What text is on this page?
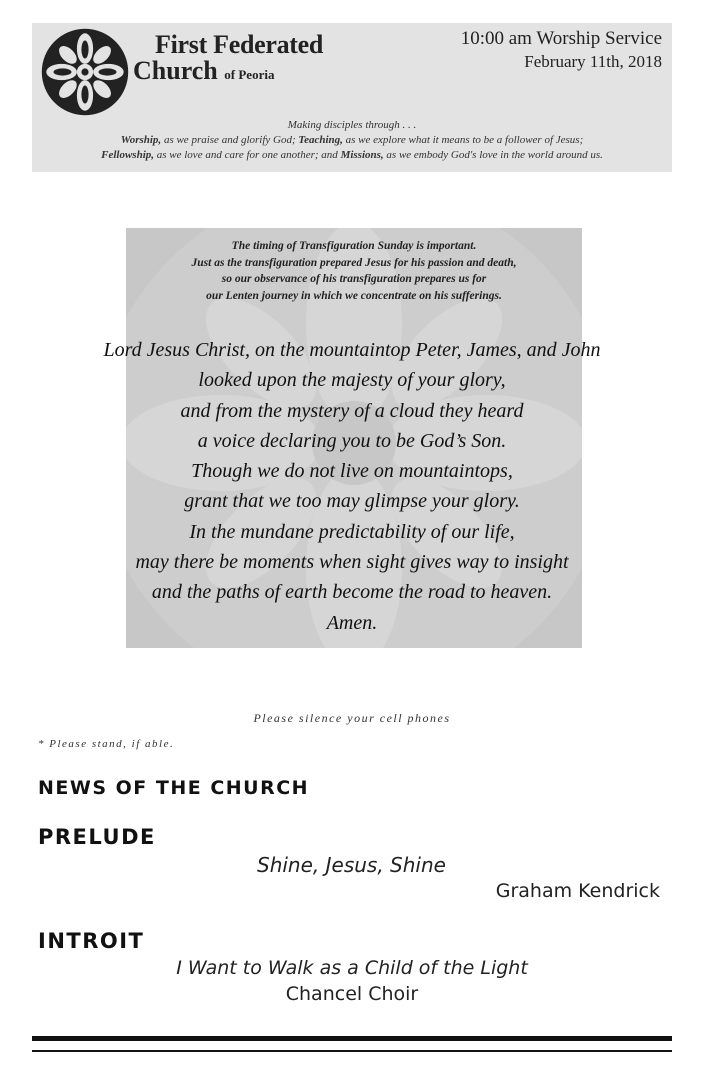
First Federated
Church of Peoria
10:00 am Worship Service
February 11th, 2018
Making disciples through . . .
Worship, as we praise and glorify God; Teaching, as we explore what it means to be a follower of Jesus;
Fellowship, as we love and care for one another; and Missions, as we embody God's love in the world around us.
The timing of Transfiguration Sunday is important.
Just as the transfiguration prepared Jesus for his passion and death,
so our observance of his transfiguration prepares us for
our Lenten journey in which we concentrate on his sufferings.
Lord Jesus Christ, on the mountaintop Peter, James, and John
looked upon the majesty of your glory,
and from the mystery of a cloud they heard
a voice declaring you to be God’s Son.
Though we do not live on mountaintops,
grant that we too may glimpse your glory.
In the mundane predictability of our life,
may there be moments when sight gives way to insight
and the paths of earth become the road to heaven.
Amen.
Please silence your cell phones
* Please stand, if able.
NEWS OF THE CHURCH
PRELUDE
Shine, Jesus, Shine
Graham Kendrick
INTROIT
I Want to Walk as a Child of the Light
Chancel Choir
